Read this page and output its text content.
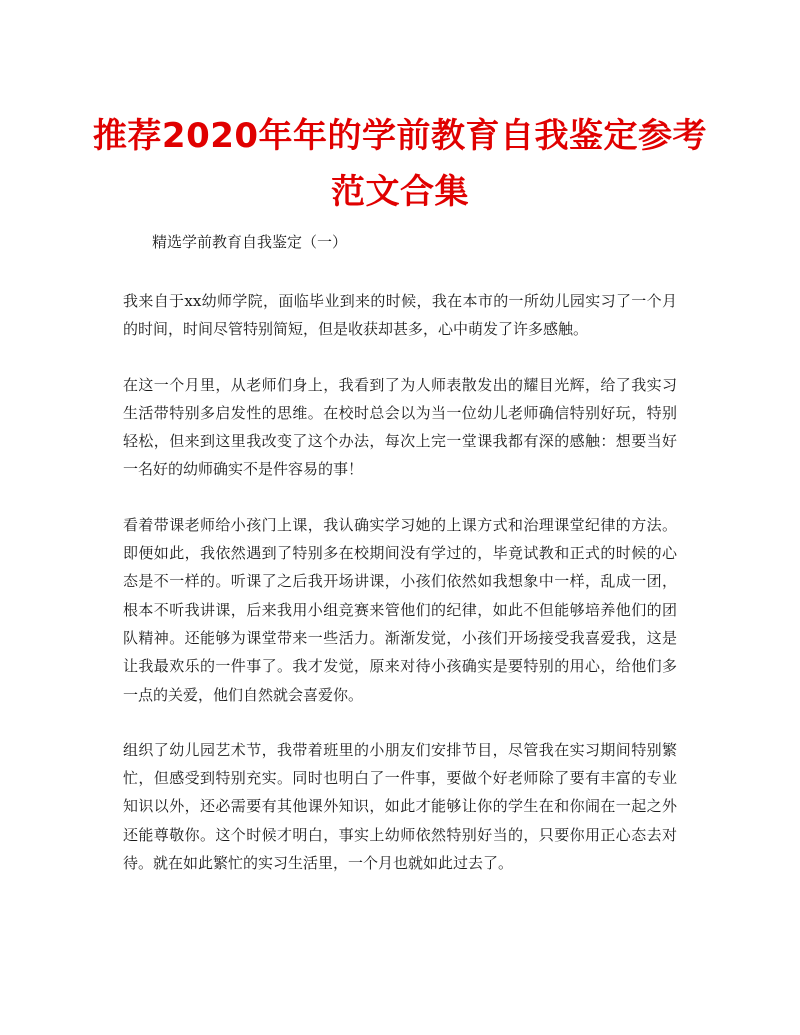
推荐2020年年的学前教育自我鉴定参考范文合集

精选学前教育自我鉴定（一）

我来自于xx幼师学院，面临毕业到来的时候，我在本市的一所幼儿园实习了一个月的时间，时间尽管特别简短，但是收获却甚多，心中萌发了许多感触。

在这一个月里，从老师们身上，我看到了为人师表散发出的耀目光辉，给了我实习生活带特别多启发性的思维。在校时总会以为当一位幼儿老师确信特别好玩，特别轻松，但来到这里我改变了这个办法，每次上完一堂课我都有深的感触：想要当好一名好的幼师确实不是件容易的事！

看着带课老师给小孩门上课，我认确实学习她的上课方式和治理课堂纪律的方法。即便如此，我依然遇到了特别多在校期间没有学过的，毕竟试教和正式的时候的心态是不一样的。听课了之后我开场讲课，小孩们依然如我想象中一样，乱成一团，根本不听我讲课，后来我用小组竞赛来管他们的纪律，如此不但能够培养他们的团队精神。还能够为课堂带来一些活力。渐渐发觉，小孩们开场接受我喜爱我，这是让我最欢乐的一件事了。我才发觉，原来对待小孩确实是要特别的用心，给他们多一点的关爱，他们自然就会喜爱你。

组织了幼儿园艺术节，我带着班里的小朋友们安排节目，尽管我在实习期间特别繁忙，但感受到特别充实。同时也明白了一件事，要做个好老师除了要有丰富的专业知识以外，还必需要有其他课外知识，如此才能够让你的学生在和你闹在一起之外还能尊敬你。这个时候才明白，事实上幼师依然特别好当的，只要你用正心态去对待。就在如此繁忙的实习生活里，一个月也就如此过去了。
